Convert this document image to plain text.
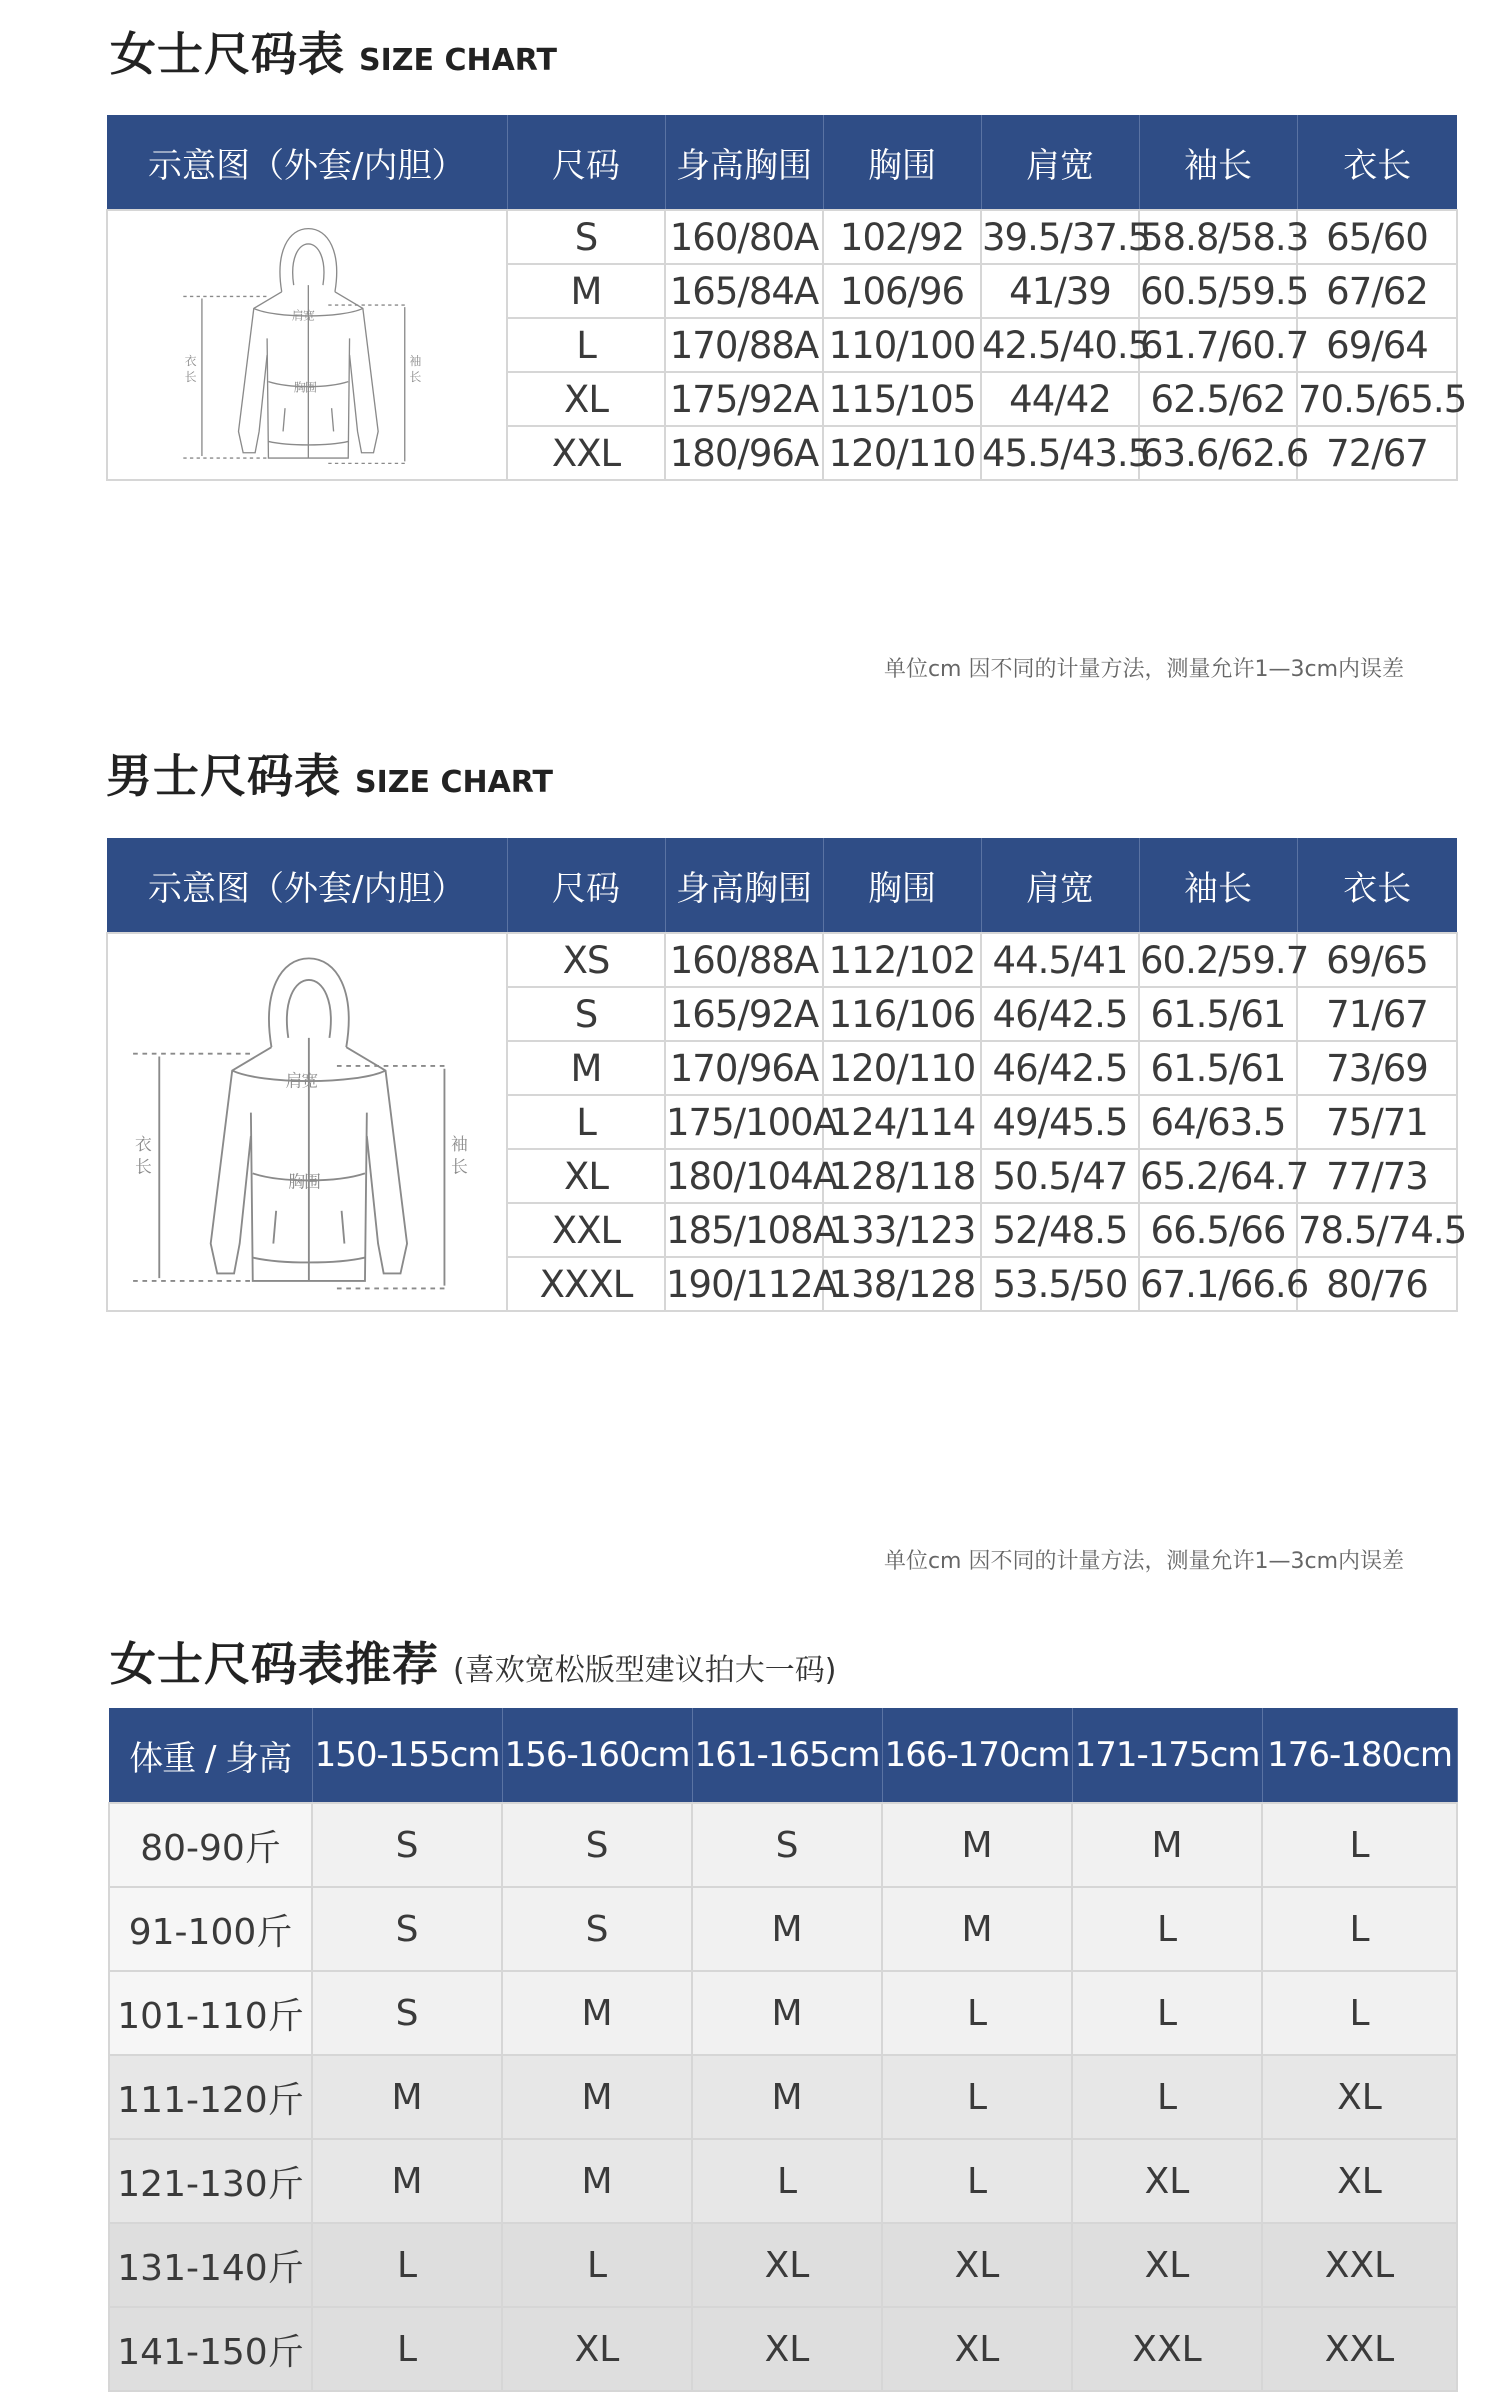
女士尺码表 SIZE CHART
示意图（外套/内胆）	尺码	身高胸围	胸围	肩宽	袖长	衣长

衣长
肩宽
胸围
袖长	S	160/80A	102/92	39.5/37.5	58.8/58.3	65/60
	M	165/84A	106/96	41/39	60.5/59.5	67/62
	L	170/88A	110/100	42.5/40.5	61.7/60.7	69/64
	XL	175/92A	115/105	44/42	62.5/62	70.5/65.5
	XXL	180/96A	120/110	45.5/43.5	63.6/62.6	72/67
单位cm 因不同的计量方法，测量允许1—3cm内误差
男士尺码表 SIZE CHART
示意图（外套/内胆）	尺码	身高胸围	胸围	肩宽	袖长	衣长

衣长
肩宽
胸围
袖长	XS	160/88A	112/102	44.5/41	60.2/59.7	69/65
	S	165/92A	116/106	46/42.5	61.5/61	71/67
	M	170/96A	120/110	46/42.5	61.5/61	73/69
	L	175/100A	124/114	49/45.5	64/63.5	75/71
	XL	180/104A	128/118	50.5/47	65.2/64.7	77/73
	XXL	185/108A	133/123	52/48.5	66.5/66	78.5/74.5
	XXXL	190/112A	138/128	53.5/50	67.1/66.6	80/76
单位cm 因不同的计量方法，测量允许1—3cm内误差
女士尺码表推荐 (喜欢宽松版型建议拍大一码)
体重 / 身高	150-155cm	156-160cm	161-165cm	166-170cm	171-175cm	176-180cm
80-90斤	S	S	S	M	M	L
91-100斤	S	S	M	M	L	L
101-110斤	S	M	M	L	L	L
111-120斤	M	M	M	L	L	XL
121-130斤	M	M	L	L	XL	XL
131-140斤	L	L	XL	XL	XL	XXL
141-150斤	L	XL	XL	XL	XXL	XXL
